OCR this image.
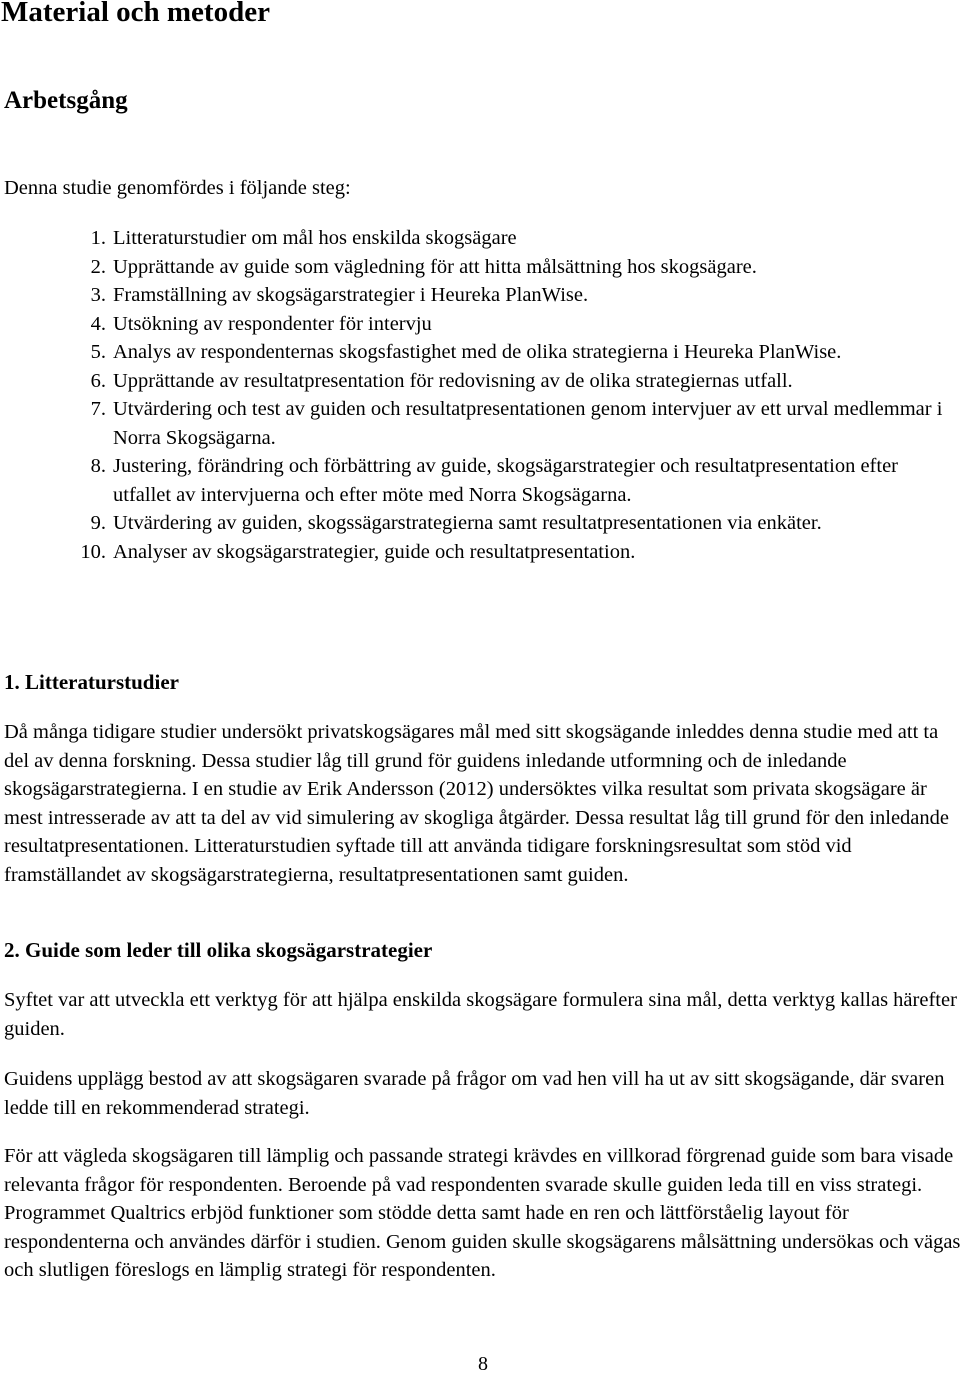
Material och metoder
Arbetsgång

Denna studie genomfördes i följande steg:

1. Litteraturstudier om mål hos enskilda skogsägare
2. Upprättande av guide som vägledning för att hitta målsättning hos skogsägare.
3. Framställning av skogsägarstrategier i Heureka PlanWise.
4. Utsökning av respondenter för intervju
5. Analys av respondenternas skogsfastighet med de olika strategierna i Heureka PlanWise.
6. Upprättande av resultatpresentation för redovisning av de olika strategiernas utfall.
7. Utvärdering och test av guiden och resultatpresentationen genom intervjuer av ett urval medlemmar i Norra Skogsägarna.
8. Justering, förändring och förbättring av guide, skogsägarstrategier och resultatpresentation efter utfallet av intervjuerna och efter möte med Norra Skogsägarna.
9. Utvärdering av guiden, skogssägarstrategierna samt resultatpresentationen via enkäter.
10. Analyser av skogsägarstrategier, guide och resultatpresentation.
1. Litteraturstudier

Då många tidigare studier undersökt privatskogsägares mål med sitt skogsägande inleddes denna studie med att ta del av denna forskning. Dessa studier låg till grund för guidens inledande utformning och de inledande skogsägarstrategierna. I en studie av Erik Andersson (2012) undersöktes vilka resultat som privata skogsägare är mest intresserade av att ta del av vid simulering av skogliga åtgärder. Dessa resultat låg till grund för den inledande resultatpresentationen. Litteraturstudien syftade till att använda tidigare forskningsresultat som stöd vid framställandet av skogsägarstrategierna, resultatpresentationen samt guiden.

2. Guide som leder till olika skogsägarstrategier

Syftet var att utveckla ett verktyg för att hjälpa enskilda skogsägare formulera sina mål, detta verktyg kallas härefter guiden.

Guidens upplägg bestod av att skogsägaren svarade på frågor om vad hen vill ha ut av sitt skogsägande, där svaren ledde till en rekommenderad strategi.

För att vägleda skogsägaren till lämplig och passande strategi krävdes en villkorad förgrenad guide som bara visade relevanta frågor för respondenten. Beroende på vad respondenten svarade skulle guiden leda till en viss strategi. Programmet Qualtrics erbjöd funktioner som stödde detta samt hade en ren och lättförståelig layout för respondenterna och användes därför i studien. Genom guiden skulle skogsägarens målsättning undersökas och vägas och slutligen föreslogs en lämplig strategi för respondenten.

8
